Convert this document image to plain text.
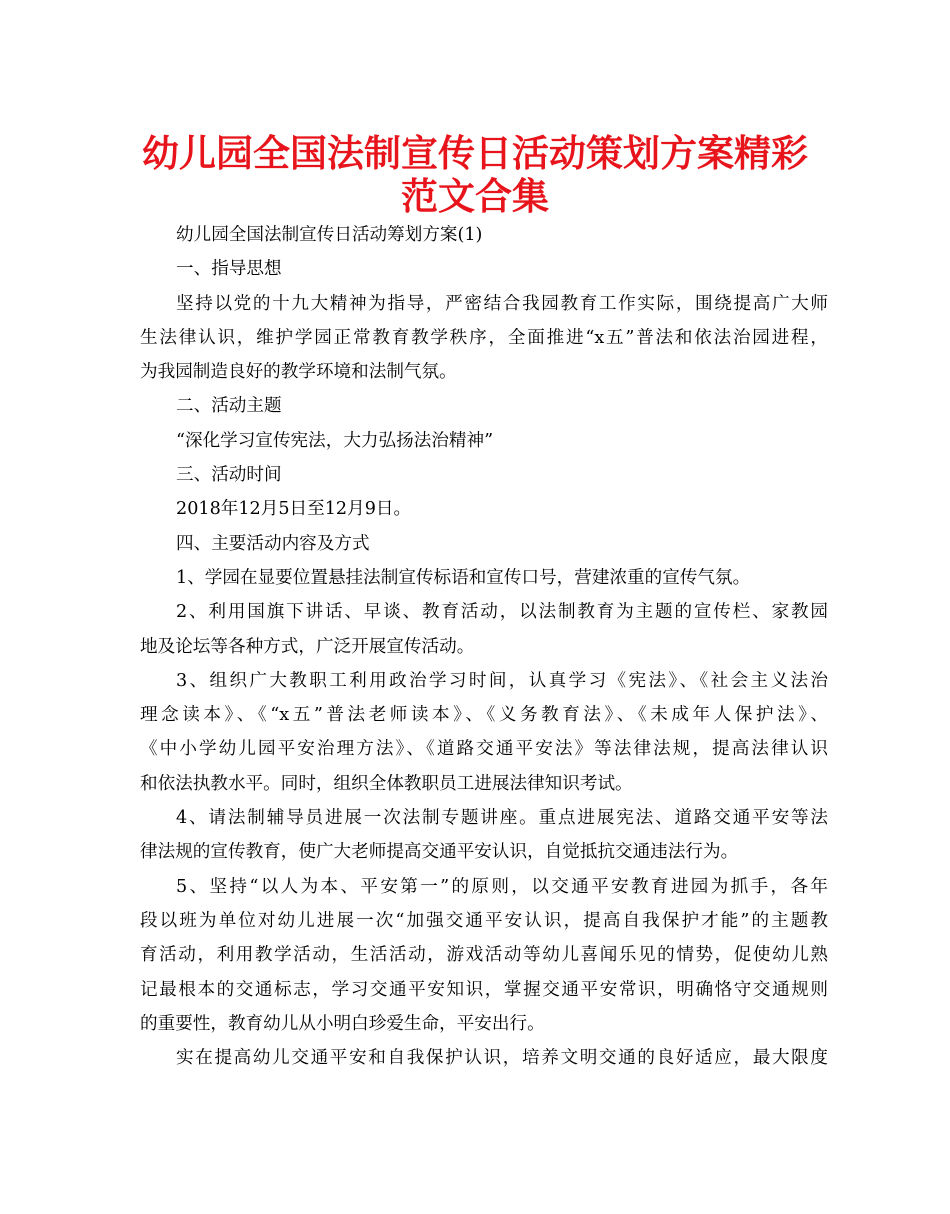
幼儿园全国法制宣传日活动策划方案精彩
范文合集
幼儿园全国法制宣传日活动筹划方案(1)
一、指导思想
坚持以党的十九大精神为指导，严密结合我园教育工作实际，围绕提高广大师
生法律认识，维护学园正常教育教学秩序，全面推进“x五”普法和依法治园进程，
为我园制造良好的教学环境和法制气氛。
二、活动主题
“深化学习宣传宪法，大力弘扬法治精神”
三、活动时间
2018年12月5日至12月9日。
四、主要活动内容及方式
1、学园在显要位置悬挂法制宣传标语和宣传口号，营建浓重的宣传气氛。
2、利用国旗下讲话、早谈、教育活动，以法制教育为主题的宣传栏、家教园
地及论坛等各种方式，广泛开展宣传活动。
3、组织广大教职工利用政治学习时间，认真学习《宪法》、《社会主义法治
理念读本》、《“x五”普法老师读本》、《义务教育法》、《未成年人保护法》、
《中小学幼儿园平安治理方法》、《道路交通平安法》等法律法规，提高法律认识
和依法执教水平。同时，组织全体教职员工进展法律知识考试。
4、请法制辅导员进展一次法制专题讲座。重点进展宪法、道路交通平安等法
律法规的宣传教育，使广大老师提高交通平安认识，自觉抵抗交通违法行为。
5、坚持“以人为本、平安第一”的原则，以交通平安教育进园为抓手，各年
段以班为单位对幼儿进展一次“加强交通平安认识，提高自我保护才能”的主题教
育活动，利用教学活动，生活活动，游戏活动等幼儿喜闻乐见的情势，促使幼儿熟
记最根本的交通标志，学习交通平安知识，掌握交通平安常识，明确恪守交通规则
的重要性，教育幼儿从小明白珍爱生命，平安出行。
实在提高幼儿交通平安和自我保护认识，培养文明交通的良好适应，最大限度
